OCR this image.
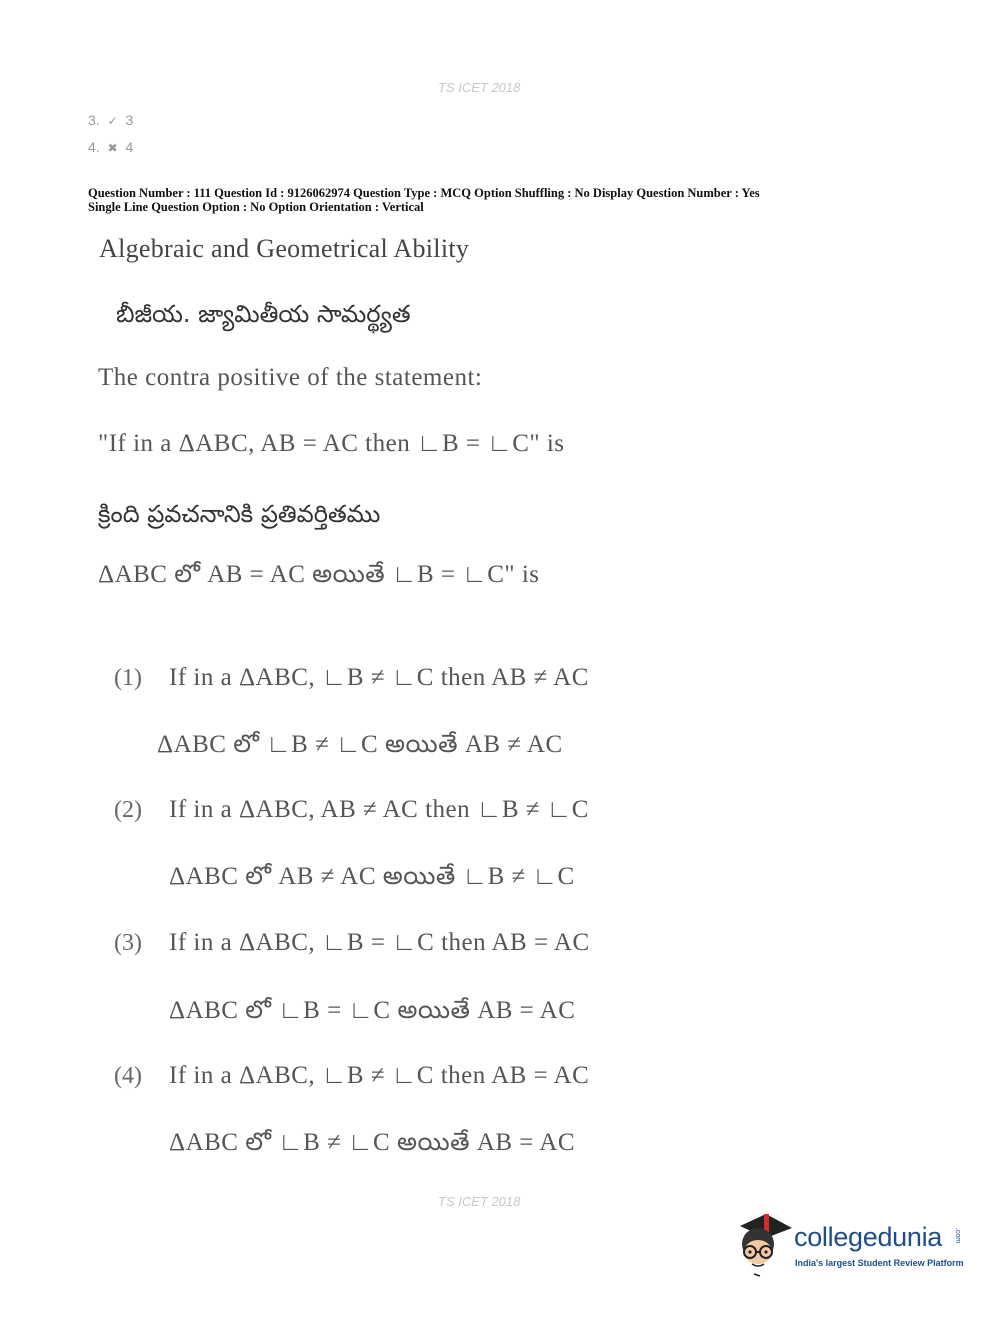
TS ICET 2018
3. ✓ 3
4. ✖ 4
Question Number : 111 Question Id : 9126062974 Question Type : MCQ Option Shuffling : No Display Question Number : Yes
Single Line Question Option : No Option Orientation : Vertical
Algebraic and Geometrical Ability
బీజీయ. జ్యామితీయ సామర్థ్యత
The contra positive of the statement:
"If in a ΔABC, AB = AC then ∟B = ∟C" is
క్రింది ప్రవచనానికి ప్రతివర్తితము
ΔABC లో AB = AC అయితే ∟B = ∟C" is
(1) If in a ΔABC, ∟B ≠ ∟C then AB ≠ AC
ΔABC లో ∟B ≠ ∟C అయితే AB ≠ AC
(2) If in a ΔABC, AB ≠ AC then ∟B ≠ ∟C
ΔABC లో AB ≠ AC అయితే ∟B ≠ ∟C
(3) If in a ΔABC, ∟B = ∟C then AB = AC
ΔABC లో ∟B = ∟C అయితే AB = AC
(4) If in a ΔABC, ∟B ≠ ∟C then AB = AC
ΔABC లో ∟B ≠ ∟C అయితే AB = AC
TS ICET 2018
collegedunia .com
India's largest Student Review Platform
